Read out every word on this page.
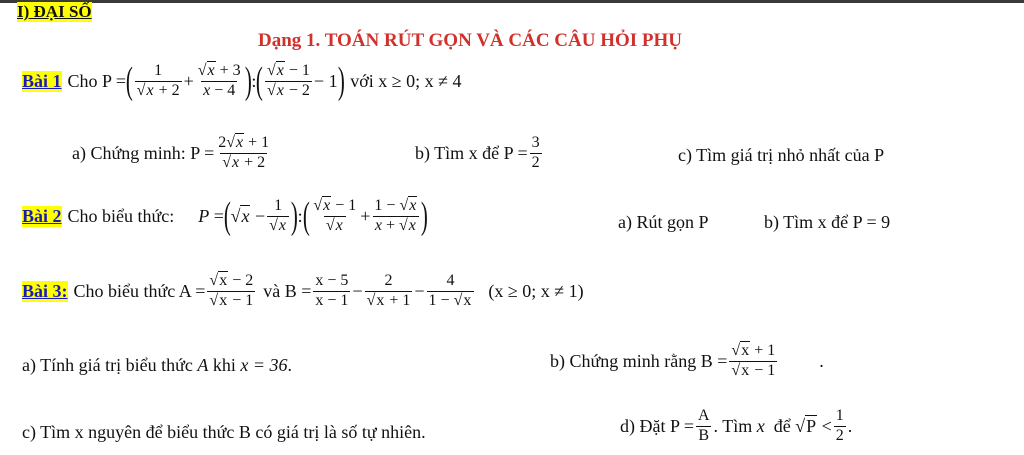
I) ĐẠI SỐ
Dạng 1. TOÁN RÚT GỌN VÀ CÁC CÂU HỎI PHỤ
Bài 1 Cho P = ( $\frac{1}{√x + 2} + \frac{√x + 3}{x - 4}$ ) : ( $\frac{√x - 1}{√x - 2} - 1$ ) với x ≥ 0; x ≠ 4
a) Chứng minh: $P = \frac{2√x + 1}{√x + 2}$	b) Tìm x để $P = \frac{3}{2}$	c) Tìm giá trị nhỏ nhất của P
Bài 2 Cho biểu thức: P = ( $√x - \frac{1}{√x}$ ) : ( $\frac{√x - 1}{√x} + \frac{1 - √x}{x + √x}$ )	a) Rút gọn P	b) Tìm x để P = 9
Bài 3: Cho biểu thức $A = \frac{√x - 2}{√x - 1}$ và $B = \frac{x - 5}{x - 1} - \frac{2}{√x + 1} - \frac{4}{1 - √x} (x \ge 0$; x ≠ 1)
a) Tính giá trị biểu thức
A
khi
x = 36 .	b) Chứng minh rằng $B = \frac{√x + 1}{√x - 1}$ .
c) Tìm x nguyên để biểu thức B có giá trị là số tự nhiên.	d) Đặt $P = \frac{A}{B}$ . Tìm
x
để
$√P < \frac{1}{2}$ .
